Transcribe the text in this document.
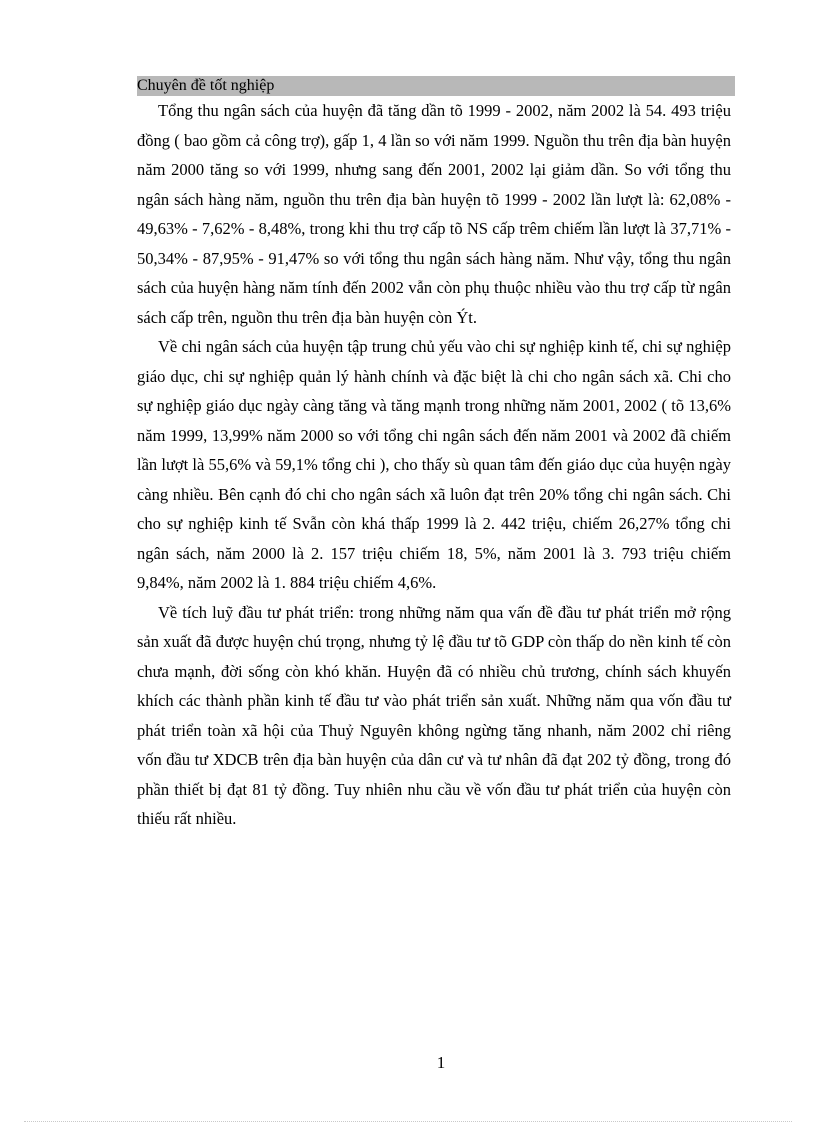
Chuyên đề tốt nghiệp

Tổng thu ngân sách của huyện đã tăng dần tõ 1999 - 2002, năm 2002 là 54. 493 triệu đồng ( bao gồm cả công trợ), gấp 1, 4 lần so với năm 1999. Nguồn thu trên địa bàn huyện năm 2000 tăng so với 1999, nhưng sang đến 2001, 2002 lại giảm dần. So với tổng thu ngân sách hàng năm, nguồn thu trên địa bàn huyện tõ 1999 - 2002 lần lượt là: 62,08% - 49,63% - 7,62% - 8,48%, trong khi thu trợ cấp tõ NS cấp trêm chiếm lần lượt là 37,71% - 50,34% - 87,95% - 91,47% so với tổng thu ngân sách hàng năm. Như vậy, tổng thu ngân sách của huyện hàng năm tính đến 2002 vẫn còn phụ thuộc nhiều vào thu trợ cấp từ ngân sách cấp trên, nguồn thu trên địa bàn huyện còn Ýt.

Về chi ngân sách của huyện tập trung chủ yếu vào chi sự nghiệp kinh tế, chi sự nghiệp giáo dục, chi sự nghiệp quản lý hành chính và đặc biệt là chi cho ngân sách xã. Chi cho sự nghiệp giáo dục ngày càng tăng và tăng mạnh trong những năm 2001, 2002 ( tõ 13,6% năm 1999, 13,99% năm 2000 so với tổng chi ngân sách đến năm 2001 và 2002 đã chiếm lần lượt là 55,6% và 59,1% tổng chi ), cho thấy sù quan tâm đến giáo dục của huyện ngày càng nhiều. Bên cạnh đó chi cho ngân sách xã luôn đạt trên 20% tổng chi ngân sách. Chi cho sự nghiệp kinh tế Svẫn còn khá thấp 1999 là 2. 442 triệu, chiếm 26,27% tổng chi ngân sách, năm 2000 là 2. 157 triệu chiếm 18, 5%, năm 2001 là 3. 793 triệu chiếm 9,84%, năm 2002 là 1. 884 triệu chiếm 4,6%.

Về tích luỹ đầu tư phát triển: trong những năm qua vấn đề đầu tư phát triển mở rộng sản xuất đã được huyện chú trọng, nhưng tỷ lệ đầu tư tõ GDP còn thấp do nền kinh tế còn chưa mạnh, đời sống còn khó khăn. Huyện đã có nhiều chủ trương, chính sách khuyến khích các thành phần kinh tế đầu tư vào phát triển sản xuất. Những năm qua vốn đầu tư phát triển toàn xã hội của Thuỷ Nguyên không ngừng tăng nhanh, năm 2002 chỉ riêng vốn đầu tư XDCB trên địa bàn huyện của dân cư và tư nhân đã đạt 202 tỷ đồng, trong đó phần thiết bị đạt 81 tỷ đồng. Tuy nhiên nhu cầu về vốn đầu tư phát triển của huyện còn thiếu rất nhiều.

1
